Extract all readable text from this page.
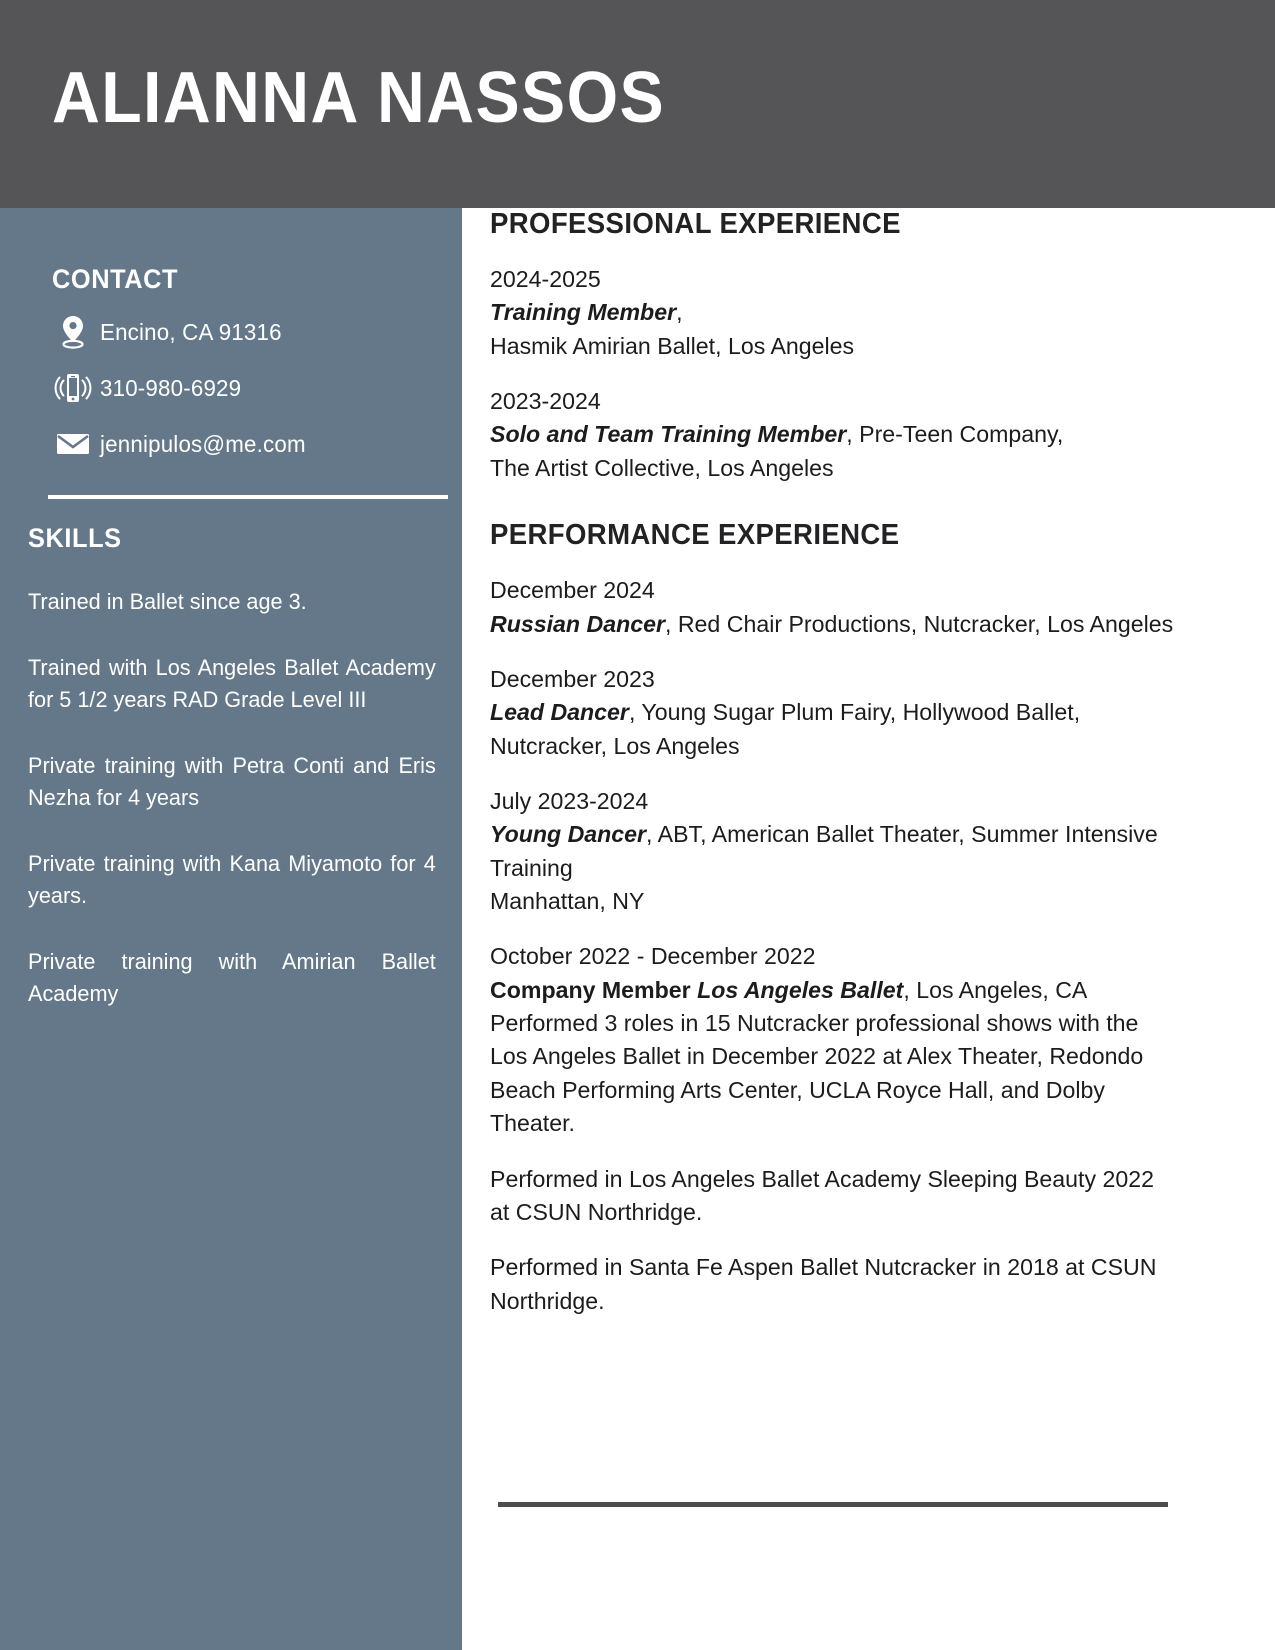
ALIANNA NASSOS
CONTACT
Encino, CA 91316
310-980-6929
jennipulos@me.com
SKILLS
Trained in Ballet since age 3.
Trained with Los Angeles Ballet Academy for 5 1/2 years RAD Grade Level III
Private training with Petra Conti and Eris Nezha for 4 years
Private training with Kana Miyamoto for 4 years.
Private training with Amirian Ballet Academy
PROFESSIONAL EXPERIENCE
2024-2025
Training Member,
Hasmik Amirian Ballet, Los Angeles
2023-2024
Solo and Team Training Member, Pre-Teen Company,
The Artist Collective, Los Angeles
PERFORMANCE EXPERIENCE
December 2024
Russian Dancer, Red Chair Productions, Nutcracker, Los Angeles
December 2023
Lead Dancer, Young Sugar Plum Fairy, Hollywood Ballet, Nutcracker, Los Angeles
July 2023-2024
Young Dancer, ABT, American Ballet Theater, Summer Intensive Training
Manhattan, NY
October 2022 - December 2022
Company Member Los Angeles Ballet, Los Angeles, CA
Performed 3 roles in 15 Nutcracker professional shows with the Los Angeles Ballet in December 2022 at Alex Theater, Redondo Beach Performing Arts Center, UCLA Royce Hall, and Dolby Theater.
Performed in Los Angeles Ballet Academy Sleeping Beauty 2022 at CSUN Northridge.
Performed in Santa Fe Aspen Ballet Nutcracker in 2018 at CSUN Northridge.
